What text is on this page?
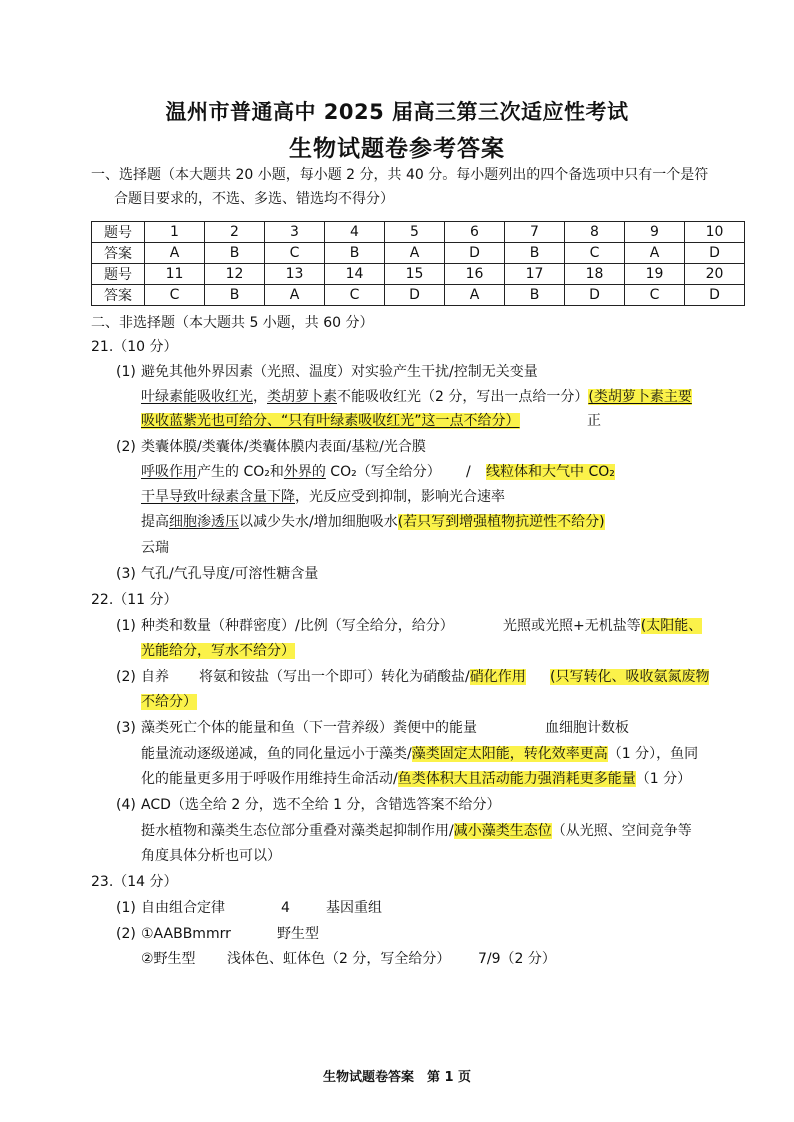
温州市普通高中 2025 届高三第三次适应性考试
生物试题卷参考答案
一、选择题（本大题共 20 小题，每小题 2 分，共 40 分。每小题列出的四个备选项中只有一个是符
合题目要求的，不选、多选、错选均不得分）
题号	1	2	3	4	5	6	7	8	9	10
答案	A	B	C	B	A	D	B	C	A	D
题号	11	12	13	14	15	16	17	18	19	20
答案	C	B	A	C	D	A	B	D	C	D
二、非选择题（本大题共 5 小题，共 60 分）
21.（10 分）
(1) 避免其他外界因素（光照、温度）对实验产生干扰/控制无关变量
叶绿素能吸收红光，类胡萝卜素不能吸收红光（2 分，写出一点给一分）(类胡萝卜素主要
吸收蓝紫光也可给分、“只有叶绿素吸收红光”这一点不给分）	正
(2) 类囊体膜/类囊体/类囊体膜内表面/基粒/光合膜
呼吸作用产生的 CO₂和外界的 CO₂（写全给分） / 线粒体和大气中 CO₂
干旱导致叶绿素含量下降，光反应受到抑制，影响光合速率
提高细胞渗透压以减少失水/增加细胞吸水(若只写到增强植物抗逆性不给分)
云瑞
(3) 气孔/气孔导度/可溶性糖含量
22.（11 分）
(1) 种类和数量（种群密度）/比例（写全给分，给分）	光照或光照+无机盐等(太阳能、
光能给分，写水不给分）
(2) 自养 将氨和铵盐（写出一个即可）转化为硝酸盐/硝化作用 (只写转化、吸收氨氮废物
不给分）
(3) 藻类死亡个体的能量和鱼（下一营养级）粪便中的能量	血细胞计数板
能量流动逐级递减，鱼的同化量远小于藻类/藻类固定太阳能，转化效率更高（1 分），鱼同
化的能量更多用于呼吸作用维持生命活动/鱼类体积大且活动能力强消耗更多能量（1 分）
(4) ACD（选全给 2 分，选不全给 1 分，含错选答案不给分）
挺水植物和藻类生态位部分重叠对藻类起抑制作用/减小藻类生态位（从光照、空间竞争等
角度具体分析也可以）
23.（14 分）
(1) 自由组合定律	4	基因重组
(2) ①AABBmmrr	野生型
②野生型 浅体色、虹体色（2 分，写全给分） 7/9（2 分）
生物试题卷答案　第 1 页
